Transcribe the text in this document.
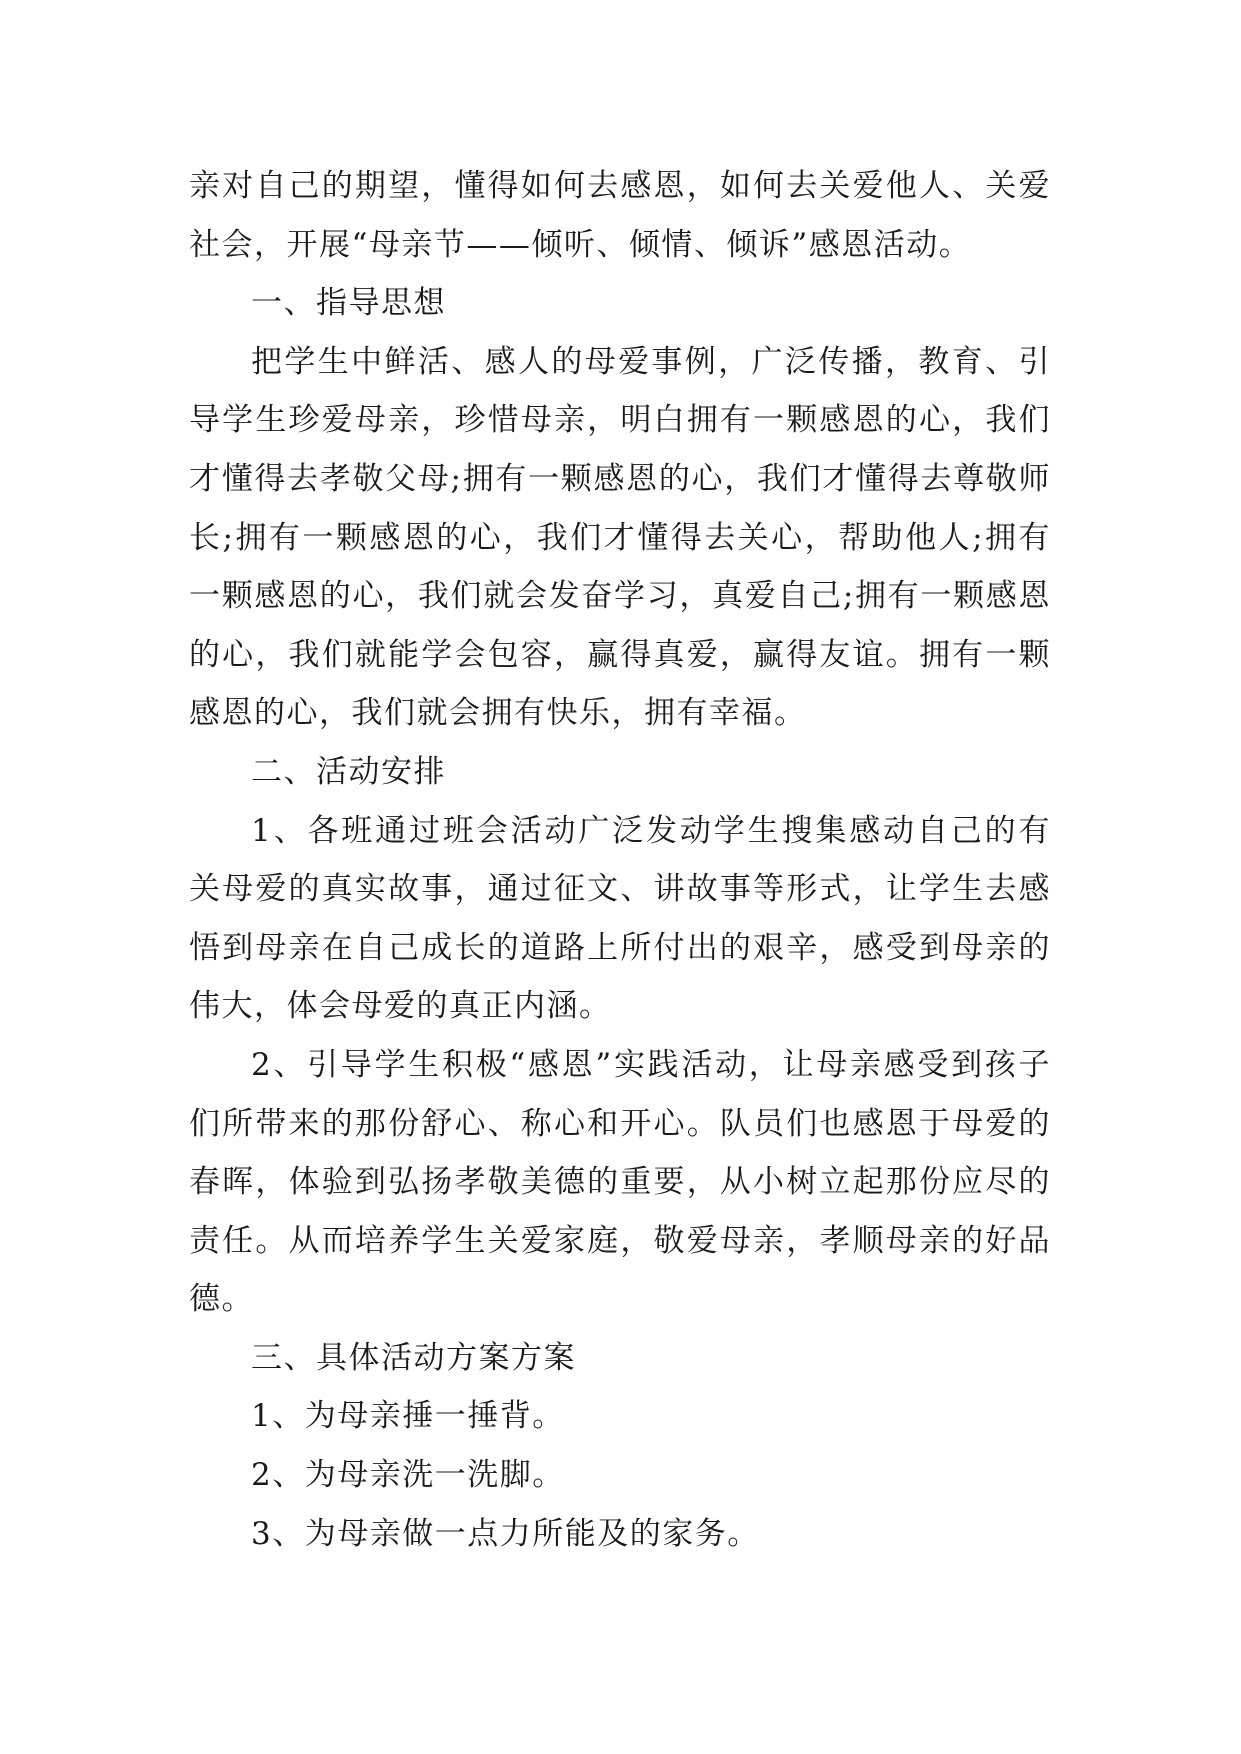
亲对自己的期望，懂得如何去感恩，如何去关爱他人、关爱社会，开展“母亲节——倾听、倾情、倾诉”感恩活动。

一、指导思想

把学生中鲜活、感人的母爱事例，广泛传播，教育、引导学生珍爱母亲，珍惜母亲，明白拥有一颗感恩的心，我们才懂得去孝敬父母;拥有一颗感恩的心，我们才懂得去尊敬师长;拥有一颗感恩的心，我们才懂得去关心，帮助他人;拥有一颗感恩的心，我们就会发奋学习，真爱自己;拥有一颗感恩的心，我们就能学会包容，赢得真爱，赢得友谊。拥有一颗感恩的心，我们就会拥有快乐，拥有幸福。

二、活动安排

1、各班通过班会活动广泛发动学生搜集感动自己的有关母爱的真实故事，通过征文、讲故事等形式，让学生去感悟到母亲在自己成长的道路上所付出的艰辛，感受到母亲的伟大，体会母爱的真正内涵。

2、引导学生积极“感恩”实践活动，让母亲感受到孩子们所带来的那份舒心、称心和开心。队员们也感恩于母爱的春晖，体验到弘扬孝敬美德的重要，从小树立起那份应尽的责任。从而培养学生关爱家庭，敬爱母亲，孝顺母亲的好品德。

三、具体活动方案方案

1、为母亲捶一捶背。

2、为母亲洗一洗脚。

3、为母亲做一点力所能及的家务。
